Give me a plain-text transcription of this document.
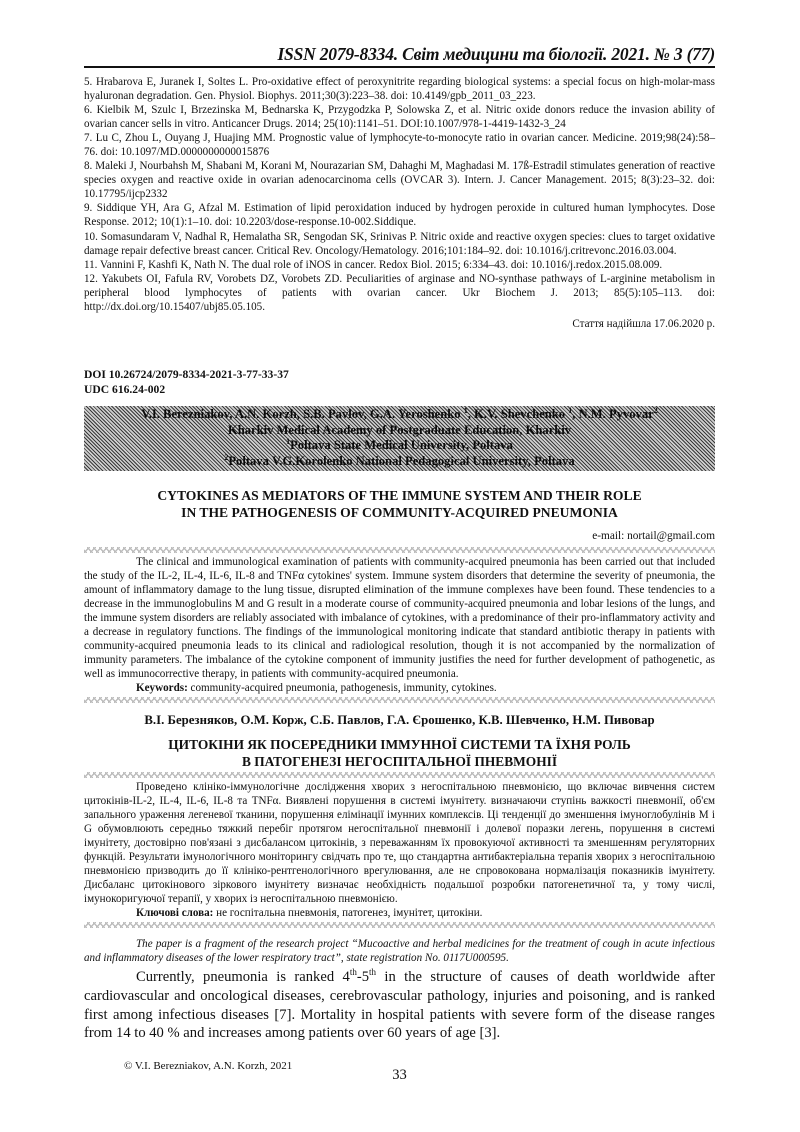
ISSN 2079-8334. Світ медицини та біології. 2021. № 3 (77)

5. Hrabarova E, Juranek I, Soltes L. Pro-oxidative effect of peroxynitrite regarding biological systems: a special focus on high-molar-mass hyaluronan degradation. Gen. Physiol. Biophys. 2011;30(3):223–38. doi: 10.4149/gpb_2011_03_223.

6. Kielbik M, Szulc I, Brzezinska M, Bednarska K, Przygodzka P, Solowska Z, et al. Nitric oxide donors reduce the invasion ability of ovarian cancer sells in vitro. Anticancer Drugs. 2014; 25(10):1141–51. DOI:10.1007/978-1-4419-1432-3_24

7. Lu C, Zhou L, Ouyang J, Huajing MM. Prognostic value of lymphocyte-to-monocyte ratio in ovarian cancer. Medicine. 2019;98(24):58–76. doi: 10.1097/MD.0000000000015876

8. Maleki J, Nourbahsh M, Shabani M, Korani M, Nourazarian SM, Dahaghi M, Maghadasi M. 17ß-Estradil stimulates generation of reactive species oxygen and reactive oxide in ovarian adenocarcinoma cells (OVCAR 3). Intern. J. Cancer Management. 2015; 8(3):23–32. doi: 10.17795/ijcp2332

9. Siddique YH, Ara G, Afzal M. Estimation of lipid peroxidation induced by hydrogen peroxide in cultured human lymphocytes. Dose Response. 2012; 10(1):1–10. doi: 10.2203/dose-response.10-002.Siddique.

10. Somasundaram V, Nadhal R, Hemalatha SR, Sengodan SK, Srinivas P. Nitric oxide and reactive oxygen species: clues to target oxidative damage repair defective breast cancer. Critical Rev. Oncology/Hematology. 2016;101:184–92. doi: 10.1016/j.critrevonc.2016.03.004.

11. Vannini F, Kashfi K, Nath N. The dual role of iNOS in cancer. Redox Biol. 2015; 6:334–43. doi: 10.1016/j.redox.2015.08.009.

12. Yakubets OI, Fafula RV, Vorobets DZ, Vorobets ZD. Peculiarities of arginase and NO-synthase pathways of L-arginine metabolism in peripheral blood lymphocytes of patients with ovarian cancer. Ukr Biochem J. 2013; 85(5):105–113. doi: http://dx.doi.org/10.15407/ubj85.05.105.

Стаття надійшла 17.06.2020 р.
DOI 10.26724/2079-8334-2021-3-77-33-37
UDC 616.24-002
V.I. Berezniakov, A.N. Korzh, S.B. Pavlov, G.A. Yeroshenko $^1$, K.V. Shevchenko $^1$, N.M. Pyvovar$^2$
Kharkiv Medical Academy of Postgraduate Education, Kharkiv
$^1$Poltava State Medical University, Poltava
$^2$Poltava V.G.Korolenko National Pedagogical University, Poltava
CYTOKINES AS MEDIATORS OF THE IMMUNE SYSTEM AND THEIR ROLE
IN THE PATHOGENESIS OF COMMUNITY-ACQUIRED PNEUMONIA
e-mail: nortail@gmail.com

The clinical and immunological examination of patients with community-acquired pneumonia has been carried out that included the study of the IL-2, IL-4, IL-6, IL-8 and TNFα cytokines' system. Immune system disorders that determine the severity of pneumonia, the amount of inflammatory damage to the lung tissue, disrupted elimination of the immune complexes have been found. These tendencies to a decrease in the immunoglobulins M and G result in a moderate course of community-acquired pneumonia and lobar lesions of the lungs, and the immune system disorders are reliably associated with imbalance of cytokines, with a predominance of their pro-inflammatory activity and a decrease in regulatory functions. The findings of the immunological monitoring indicate that standard antibiotic therapy in patients with community-acquired pneumonia leads to its clinical and radiological resolution, though it is not accompanied by the normalization of immunity parameters. The imbalance of the cytokine component of immunity justifies the need for further development of pathogenetic, as well as immunocorrective therapy, in patients with community-acquired pneumonia.

Keywords: community-acquired pneumonia, pathogenesis, immunity, cytokines.

В.І. Березняков, О.М. Корж, С.Б. Павлов, Г.А. Єрошенко, К.В. Шевченко, Н.М. Пивовар
ЦИТОКІНИ ЯК ПОСЕРЕДНИКИ ІММУННОЇ СИСТЕМИ ТА ЇХНЯ РОЛЬ
В ПАТОГЕНЕЗІ НЕГОСПІТАЛЬНОЇ ПНЕВМОНІЇ

Проведено клініко-іммунологічне дослідження хворих з негоспітальною пневмонією, що включає вивчення систем цитокінів-IL-2, IL-4, IL-6, IL-8 та TNFα. Виявлені порушення в системі імунітету. визначаючи ступінь важкості пневмонії, об'єм запального ураження легеневої тканини, порушення елімінації імунних комплексів. Ці тенденції до зменшення імуноглобулінів M і G обумовлюють середньо тяжкий перебіг протягом негоспітальної пневмонії і долевої поразки легень, порушення в системі імунітету, достовірно пов'язані з дисбалансом цитокінів, з переважанням їх провокуючої активності та зменшенням регуляторних функцій. Результати імунологічного моніторингу свідчать про те, що стандартна антибактеріальна терапія хворих з негоспітальною пневмонією призводить до її клініко-рентгенологічного врегулювання, але не спровокована нормалізація показників імунітету. Дисбаланс цитокінового зіркового імунітету визначає необхідність подальшої розробки патогенетичної та, у тому числі, імунокоригуючої терапії, у хворих із негоспітальною пневмонією.

Ключові слова: не госпітальна пневмонія, патогенез, імунітет, цитокіни.

The paper is a fragment of the research project “Mucoactive and herbal medicines for the treatment of cough in acute infectious and inflammatory diseases of the lower respiratory tract”, state registration No. 0117U000595.

Currently, pneumonia is ranked 4th-5th in the structure of causes of death worldwide after cardiovascular and oncological diseases, cerebrovascular pathology, injuries and poisoning, and is ranked first among infectious diseases [7]. Mortality in hospital patients with severe form of the disease ranges from 14 to 40 % and increases among patients over 60 years of age [3].

© V.I. Berezniakov, A.N. Korzh, 2021
33
